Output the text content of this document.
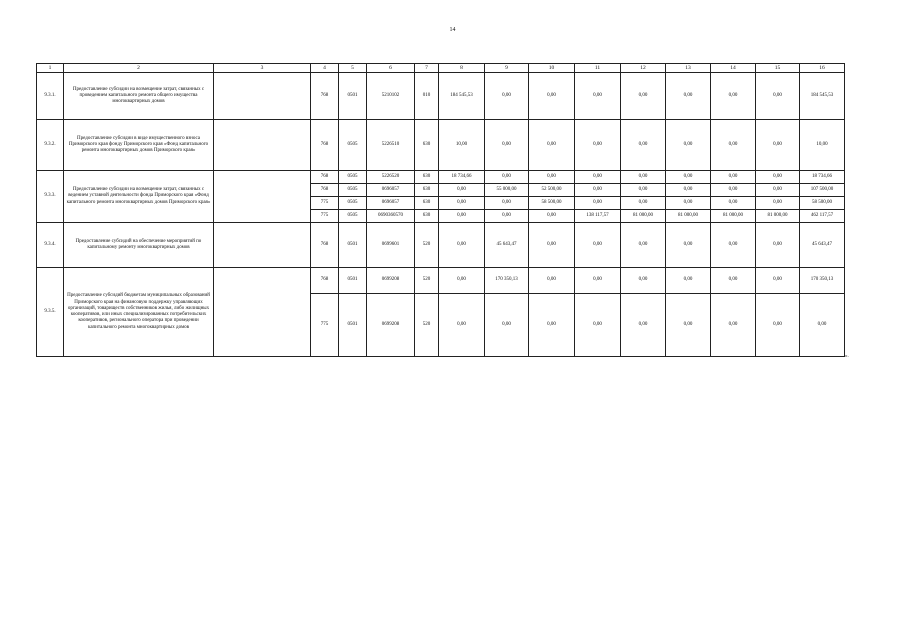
14
1	2	3	4	5	6	7	8	9	10	11	12	13	14	15	16
9.3.1.	Предоставление субсидии на возмещение затрат, связанных с проведением капитального ремонта общего имущества многоквартирных домов		768	0501	5210102	010	184 545,53	0,00	0,00	0,00	0,00	0,00	0,00	0,00	184 545,53
9.3.2.	Предоставление субсидии в виде имущественного взноса Приморского края фонду Приморского края «Фонд капитального ремонта многоквартирных домов Приморского края»		768	0505	5226510	630	10,00	0,00	0,00	0,00	0,00	0,00	0,00	0,00	10,00
9.3.3.	Предоставление субсидии на возмещение затрат, связанных с ведением уставной деятельности фонда Приморского края «Фонд капитального ремонта многоквартирных домов Приморского края»		768	0505	5226520	630	18 734,66	0,00	0,00	0,00	0,00	0,00	0,00	0,00	18 734,66
			768	0505	0696057	630	0,00	55 000,00	52 500,00	0,00	0,00	0,00	0,00	0,00	107 500,00
			775	0505	0696057	630	0,00	0,00	58 500,00	0,00	0,00	0,00	0,00	0,00	58 500,00
			775	0505	0690360570	630	0,00	0,00	0,00	138 117,57	81 000,00	81 000,00	81 000,00	81 000,00	462 117,57
9.3.4.	Предоставление субсидий на обеспечение мероприятий по капитальному ремонту многоквартирных домов		768	0501	0699601	520	0,00	45 643,47	0,00	0,00	0,00	0,00	0,00	0,00	45 643,47
9.3.5.	Предоставление субсидий бюджетам муниципальных образований Приморского края на финансовую поддержку управляющих организаций, товариществ собственников жилья, либо жилищных кооперативов, или иных специализированных потребительских кооперативов, регионального оператора при проведении капитального ремонта многоквартирных домов		768	0501	0699208	520	0,00	170 350,13	0,00	0,00	0,00	0,00	0,00	0,00	170 350,13
			775	0501	0699208	520	0,00	0,00	0,00	0,00	0,00	0,00	0,00	0,00	0,00
».
